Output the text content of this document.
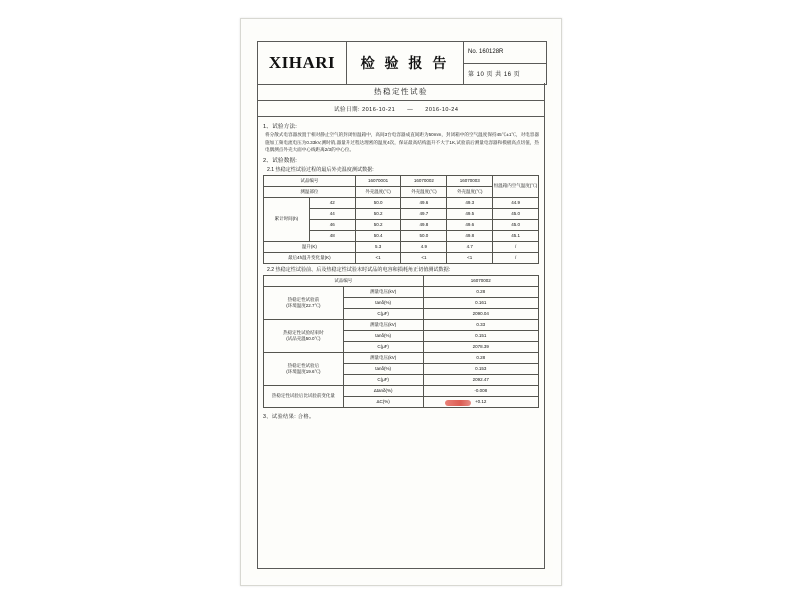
XIHARI	检 验 报 告
No.
160128R
第 10 页 共 16 页
热稳定性试验
试验日期: 2016-10-21 — 2016-10-24
1、试验方法:
将分散式电容器放置于相对静止空气的封闭恒温箱中，高间3台电容器成直间距为50mm，封闭箱中的空气温度保持45℃±1℃，对电容器施加工频电流电压为0.33kV,测时销,器量升过程达理密的温度4次，保证最高结构温升不大于1K,试验前后测量电容器和模板高点切值，热电偶测点外壳大面中心线距离2/3的中心位。
2、试验数据:
2.1 热稳定性试验过程的最后外壳温度测试数据:
试品编号		16070001	16070002	16070003	恒温箱内空气温度(℃)
测温部位		外壳温度(℃)	外壳温度(℃)	外壳温度(℃)	
累计时间(h)	42	50.0	49.6	49.3	44.9
	44	50.2	49.7	49.5	45.0
	46	50.2	49.8	49.6	45.0
	48	50.4	50.0	49.8	45.1
温升(K)		5.3	4.9	4.7	/
最后4h温升变化量(K)		<1	<1	<1	/
2.2 热稳定性试验前、后及热稳定性试验末时试品的电容和损耗角正切值测试数据:
试品编号		16070002
热稳定性试验前
(环境温度22.7℃)	测量电压(kV)	0.28
	tanδ(%)	0.161
	C(μF)	2090.04
热稳定性试验结束时
(试品壳温50.0℃)	测量电压(kV)	0.33
	tanδ(%)	0.151
	C(μF)	2078.39
热稳定性试验后
(环境温度19.6℃)	测量电压(kV)	0.28
	tanδ(%)	0.153
	C(μF)	2092.47
热稳定性试验后比试验前变化量	Δtanδ(%)	-0.008
	ΔC(%)	+0.12
3、试验结果: 合格。
